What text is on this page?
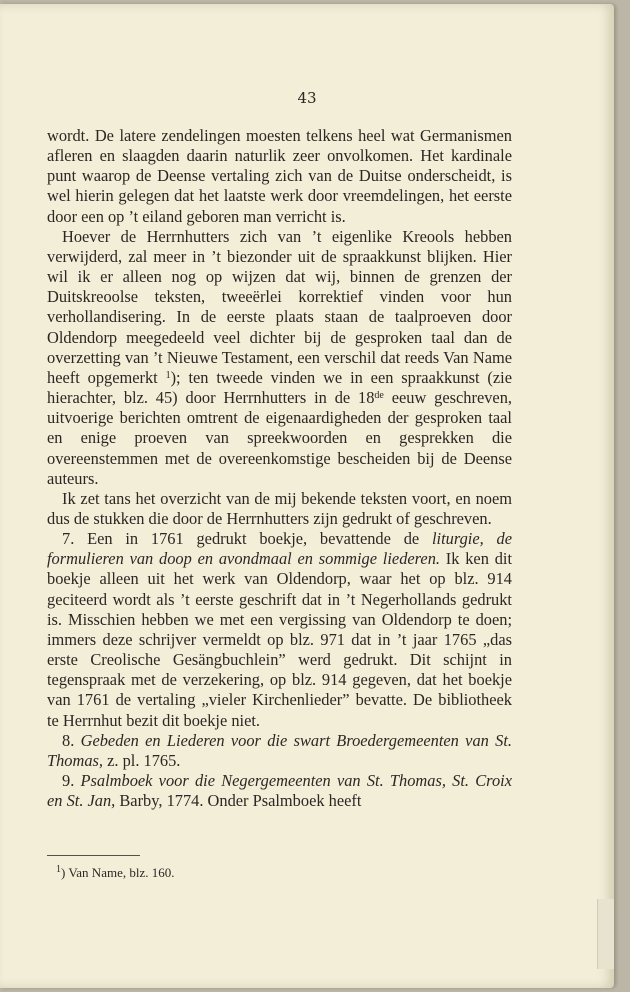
43

wordt. De latere zendelingen moesten telkens heel wat Germanismen afleren en slaagden daarin naturlik zeer onvolkomen. Het kardinale punt waarop de Deense vertaling zich van de Duitse onderscheidt, is wel hierin gelegen dat het laatste werk door vreemdelingen, het eerste door een op ’t eiland geboren man verricht is.

Hoever de Herrnhutters zich van ’t eigenlike Kreools hebben verwijderd, zal meer in ’t biezonder uit de spraakkunst blijken. Hier wil ik er alleen nog op wijzen dat wij, binnen de grenzen der Duitskreoolse teksten, tweeërlei korrektief vinden voor hun verhollandisering. In de eerste plaats staan de taalproeven door Oldendorp meegedeeld veel dichter bij de gesproken taal dan de overzetting van ’t Nieuwe Testament, een verschil dat reeds Van Name heeft opgemerkt $^1$); ten tweede vinden we in een spraakkunst (zie hierachter, blz. 45) door Herrnhutters in de 18de eeuw geschreven, uitvoerige berichten omtrent de eigenaardigheden der gesproken taal en enige proeven van spreekwoorden en gesprekken die overeenstemmen met de overeenkomstige bescheiden bij de Deense auteurs.

Ik zet tans het overzicht van de mij bekende teksten voort, en noem dus de stukken die door de Herrnhutters zijn gedrukt of geschreven.

7. Een in 1761 gedrukt boekje, bevattende de liturgie, de formulieren van doop en avondmaal en sommige liederen. Ik ken dit boekje alleen uit het werk van Oldendorp, waar het op blz. 914 geciteerd wordt als ’t eerste geschrift dat in ’t Negerhollands gedrukt is. Misschien hebben we met een vergissing van Oldendorp te doen; immers deze schrijver vermeldt op blz. 971 dat in ’t jaar 1765 „das erste Creolische Gesängbuchlein” werd gedrukt. Dit schijnt in tegenspraak met de verzekering, op blz. 914 gegeven, dat het boekje van 1761 de vertaling „vieler Kirchenlieder” bevatte. De bibliotheek te Herrnhut bezit dit boekje niet.

8. Gebeden en Liederen voor die swart Broedergemeenten van St. Thomas, z. pl. 1765.

9. Psalmboek voor die Negergemeenten van St. Thomas, St. Croix en St. Jan, Barby, 1774. Onder Psalmboek heeft

$^1$) Van Name, blz. 160.
